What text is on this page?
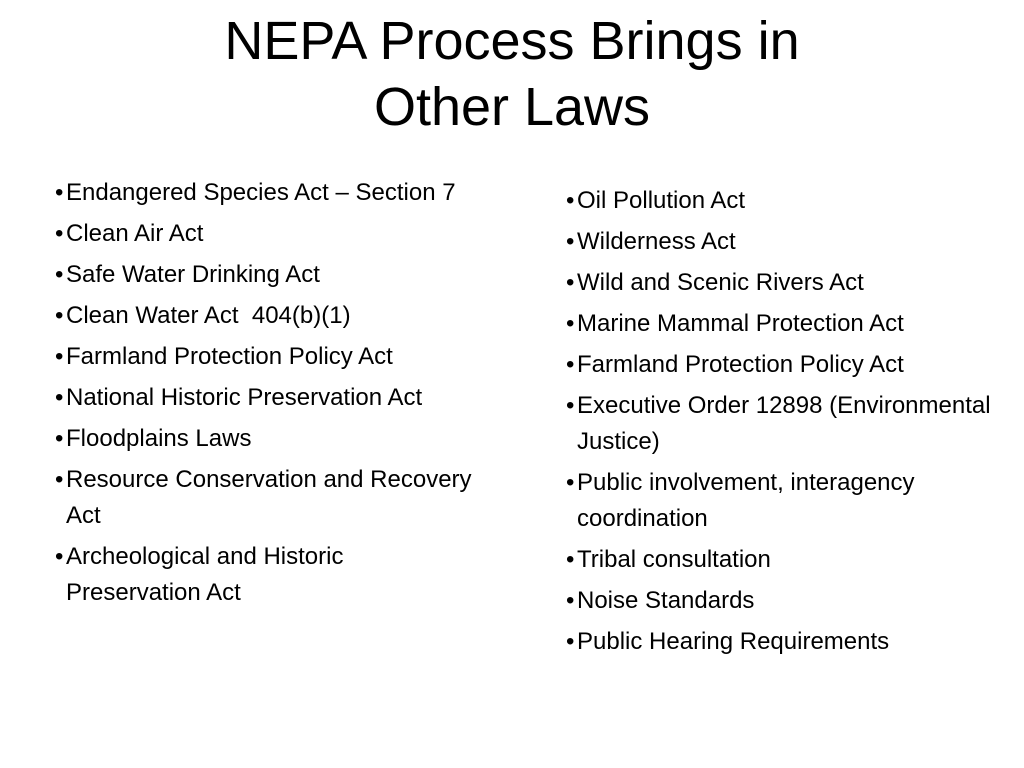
NEPA Process Brings in
Other Laws
• Endangered Species Act – Section 7
• Clean Air Act
• Safe Water Drinking Act
• Clean Water Act  404(b)(1)
• Farmland Protection Policy Act
• National Historic Preservation Act
• Floodplains Laws
• Resource Conservation and Recovery Act
• Archeological and Historic Preservation Act
• Oil Pollution Act
• Wilderness Act
• Wild and Scenic Rivers Act
• Marine Mammal Protection Act
• Farmland Protection Policy Act
• Executive Order 12898 (Environmental Justice)
• Public involvement, interagency coordination
• Tribal consultation
• Noise Standards
• Public Hearing Requirements
